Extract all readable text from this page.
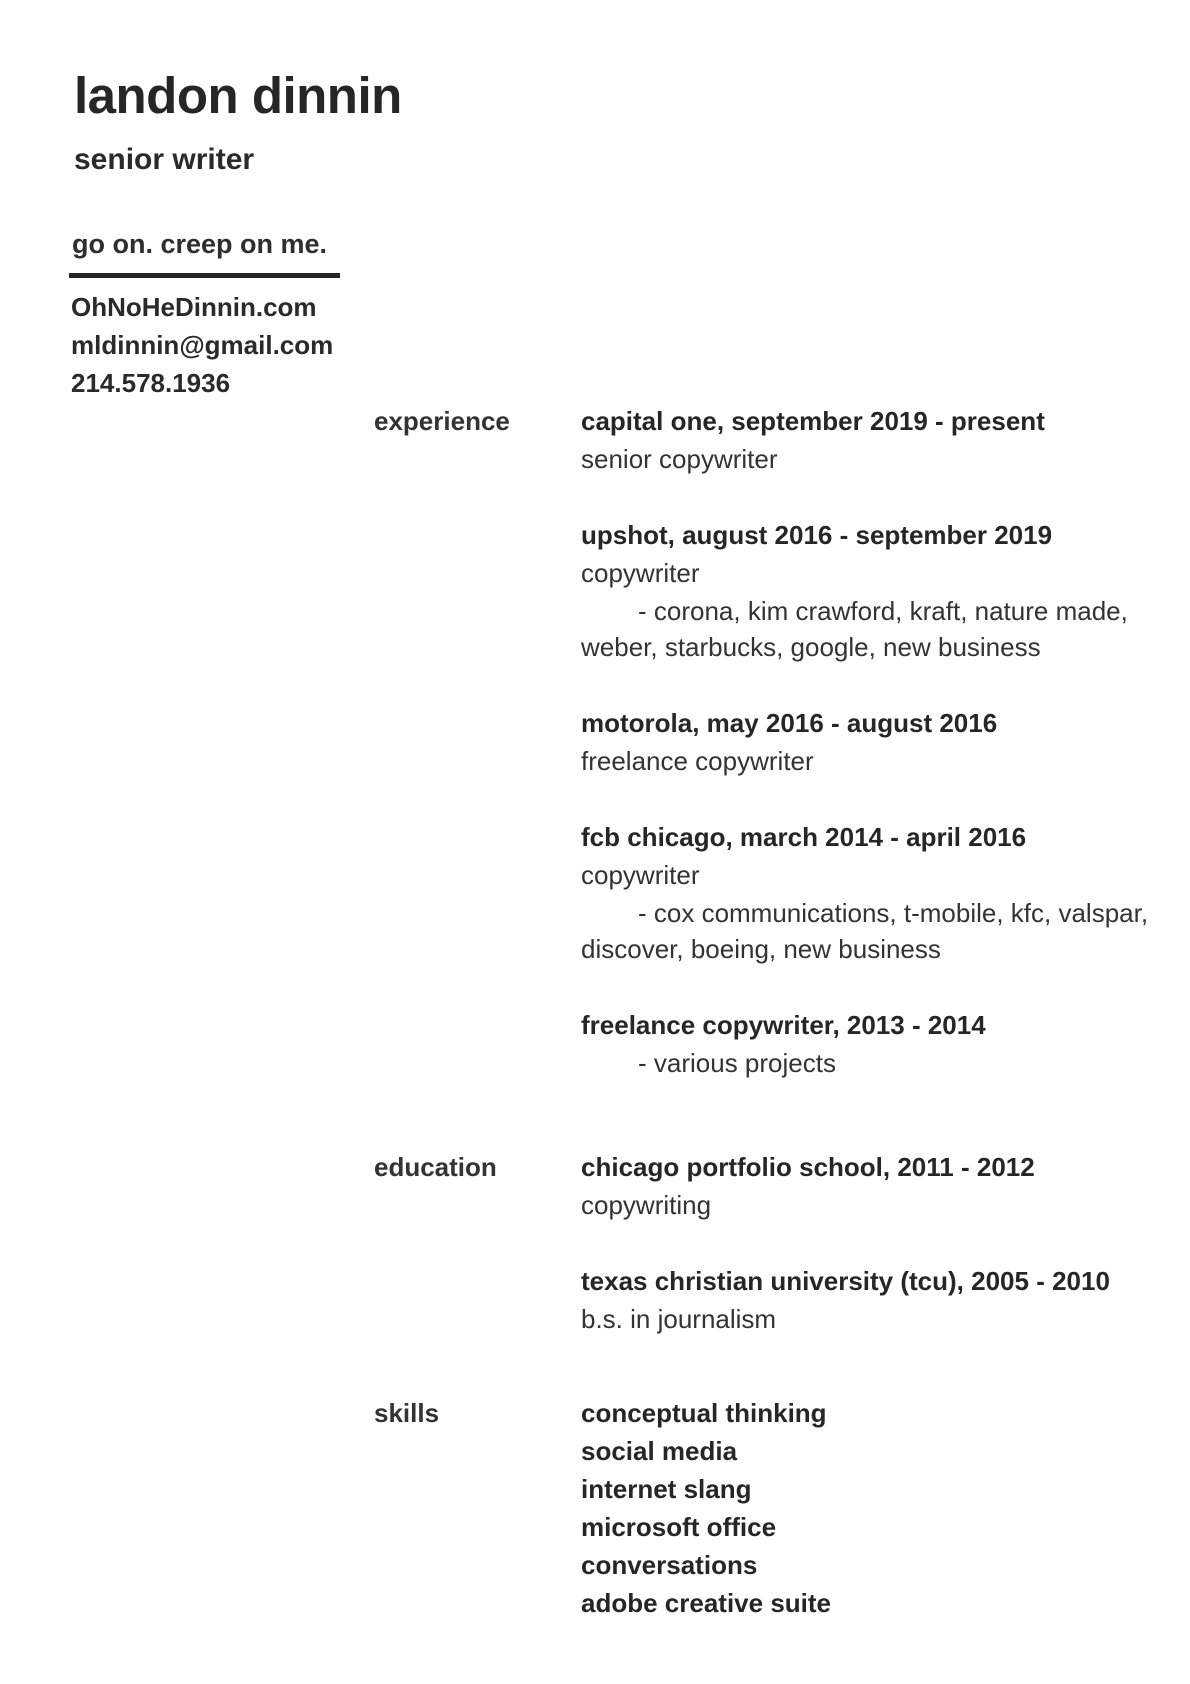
landon dinnin
senior writer
go on. creep on me.
OhNoHeDinnin.com
mldinnin@gmail.com
214.578.1936
experience	capital one, september 2019 - present
senior copywriter
upshot, august 2016 - september 2019
copywriter
- corona, kim crawford, kraft, nature made,
weber, starbucks, google, new business
motorola, may 2016 - august 2016
freelance copywriter
fcb chicago, march 2014 - april 2016
copywriter
- cox communications, t-mobile, kfc, valspar,
discover, boeing, new business
freelance copywriter, 2013 - 2014
- various projects
education	chicago portfolio school, 2011 - 2012
copywriting
texas christian university (tcu), 2005 - 2010
b.s. in journalism
skills	conceptual thinking
social media
internet slang
microsoft office
conversations
adobe creative suite
